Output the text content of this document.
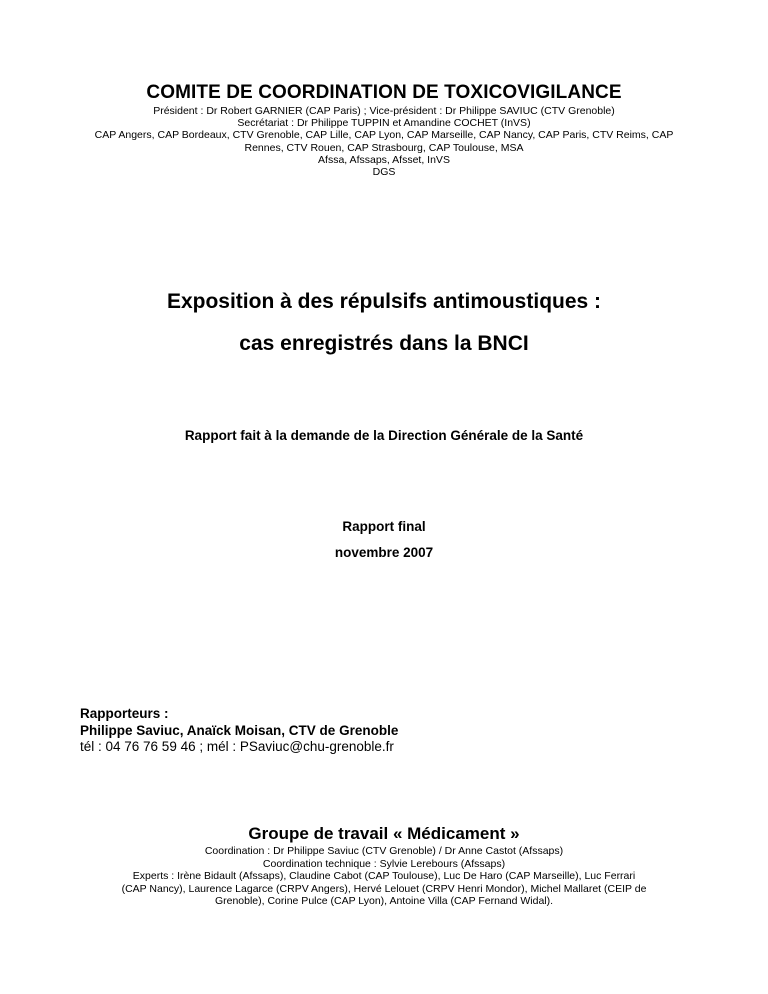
COMITE DE COORDINATION DE TOXICOVIGILANCE

Président : Dr Robert GARNIER (CAP Paris) ; Vice-président : Dr Philippe SAVIUC (CTV Grenoble)

Secrétariat : Dr Philippe TUPPIN et Amandine COCHET (InVS)

CAP Angers, CAP Bordeaux, CTV Grenoble, CAP Lille, CAP Lyon, CAP Marseille, CAP Nancy, CAP Paris, CTV Reims, CAP

Rennes, CTV Rouen, CAP Strasbourg, CAP Toulouse, MSA

Afssa, Afssaps, Afsset, InVS

DGS

Exposition à des répulsifs antimoustiques :

cas enregistrés dans la BNCI

Rapport fait à la demande de la Direction Générale de la Santé

Rapport final

novembre 2007

Rapporteurs :

Philippe Saviuc, Anaïck Moisan, CTV de Grenoble

tél : 04 76 76 59 46 ; mél : PSaviuc@chu-grenoble.fr

Groupe de travail « Médicament »

Coordination : Dr Philippe Saviuc (CTV Grenoble) / Dr Anne Castot (Afssaps)

Coordination technique : Sylvie Lerebours (Afssaps)

Experts : Irène Bidault (Afssaps), Claudine Cabot (CAP Toulouse), Luc De Haro (CAP Marseille), Luc Ferrari

(CAP Nancy), Laurence Lagarce (CRPV Angers), Hervé Lelouet (CRPV Henri Mondor), Michel Mallaret (CEIP de

Grenoble), Corine Pulce (CAP Lyon), Antoine Villa (CAP Fernand Widal).
